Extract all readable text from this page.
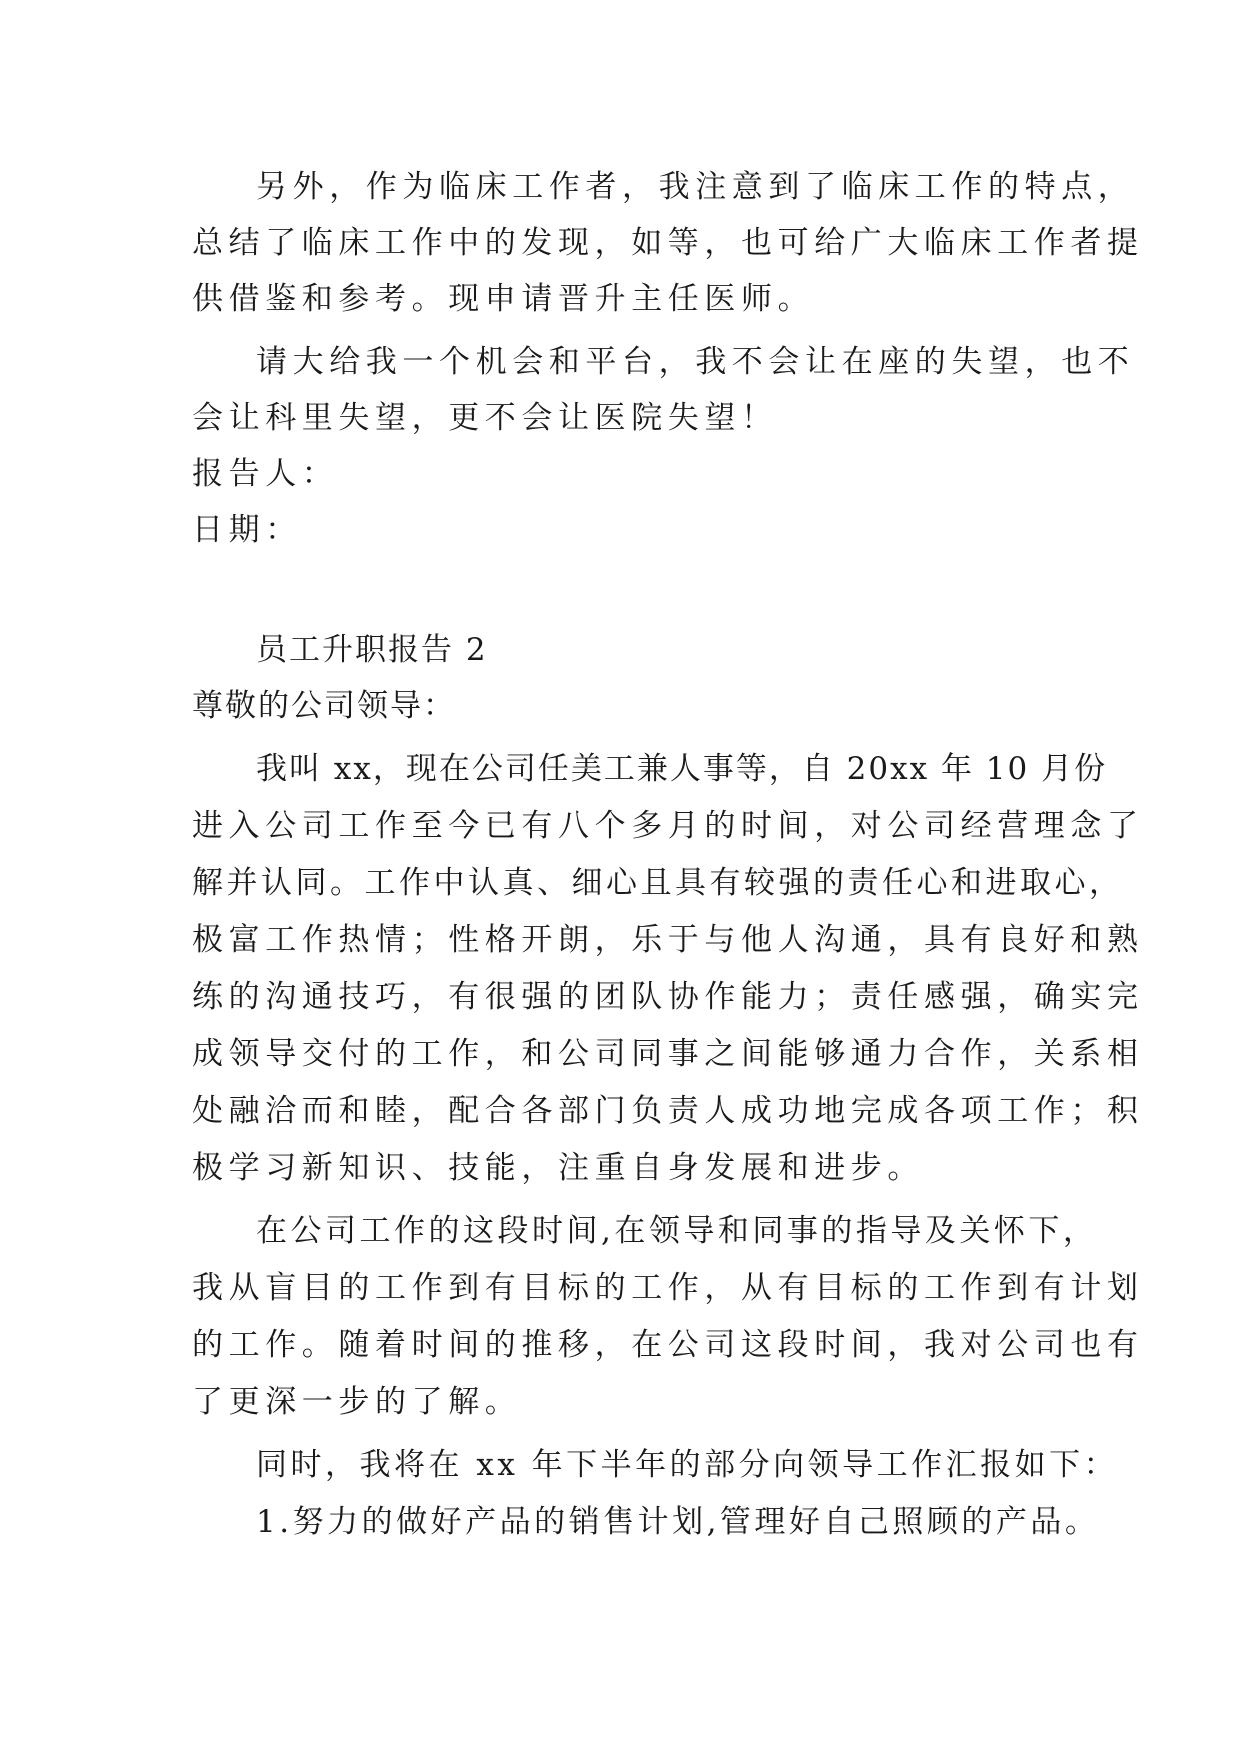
另外，作为临床工作者，我注意到了临床工作的特点，
总结了临床工作中的发现，如等，也可给广大临床工作者提
供借鉴和参考。现申请晋升主任医师。
请大给我一个机会和平台，我不会让在座的失望，也不
会让科里失望，更不会让医院失望！
报告人：
日期：
员工升职报告 2
尊敬的公司领导：
我叫 xx，现在公司任美工兼人事等，自 20xx 年 10 月份
进入公司工作至今已有八个多月的时间，对公司经营理念了
解并认同。工作中认真、细心且具有较强的责任心和进取心，
极富工作热情；性格开朗，乐于与他人沟通，具有良好和熟
练的沟通技巧，有很强的团队协作能力；责任感强，确实完
成领导交付的工作，和公司同事之间能够通力合作，关系相
处融洽而和睦，配合各部门负责人成功地完成各项工作；积
极学习新知识、技能，注重自身发展和进步。
在公司工作的这段时间,在领导和同事的指导及关怀下，
我从盲目的工作到有目标的工作，从有目标的工作到有计划
的工作。随着时间的推移，在公司这段时间，我对公司也有
了更深一步的了解。
同时，我将在 xx 年下半年的部分向领导工作汇报如下：
1.努力的做好产品的销售计划,管理好自己照顾的产品。
